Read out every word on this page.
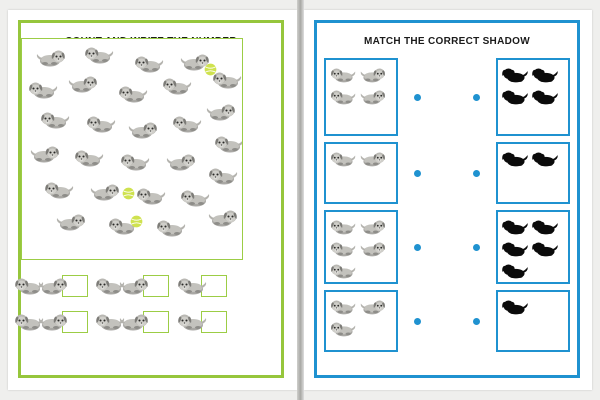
MATCH THE CORRECT SHADOW
